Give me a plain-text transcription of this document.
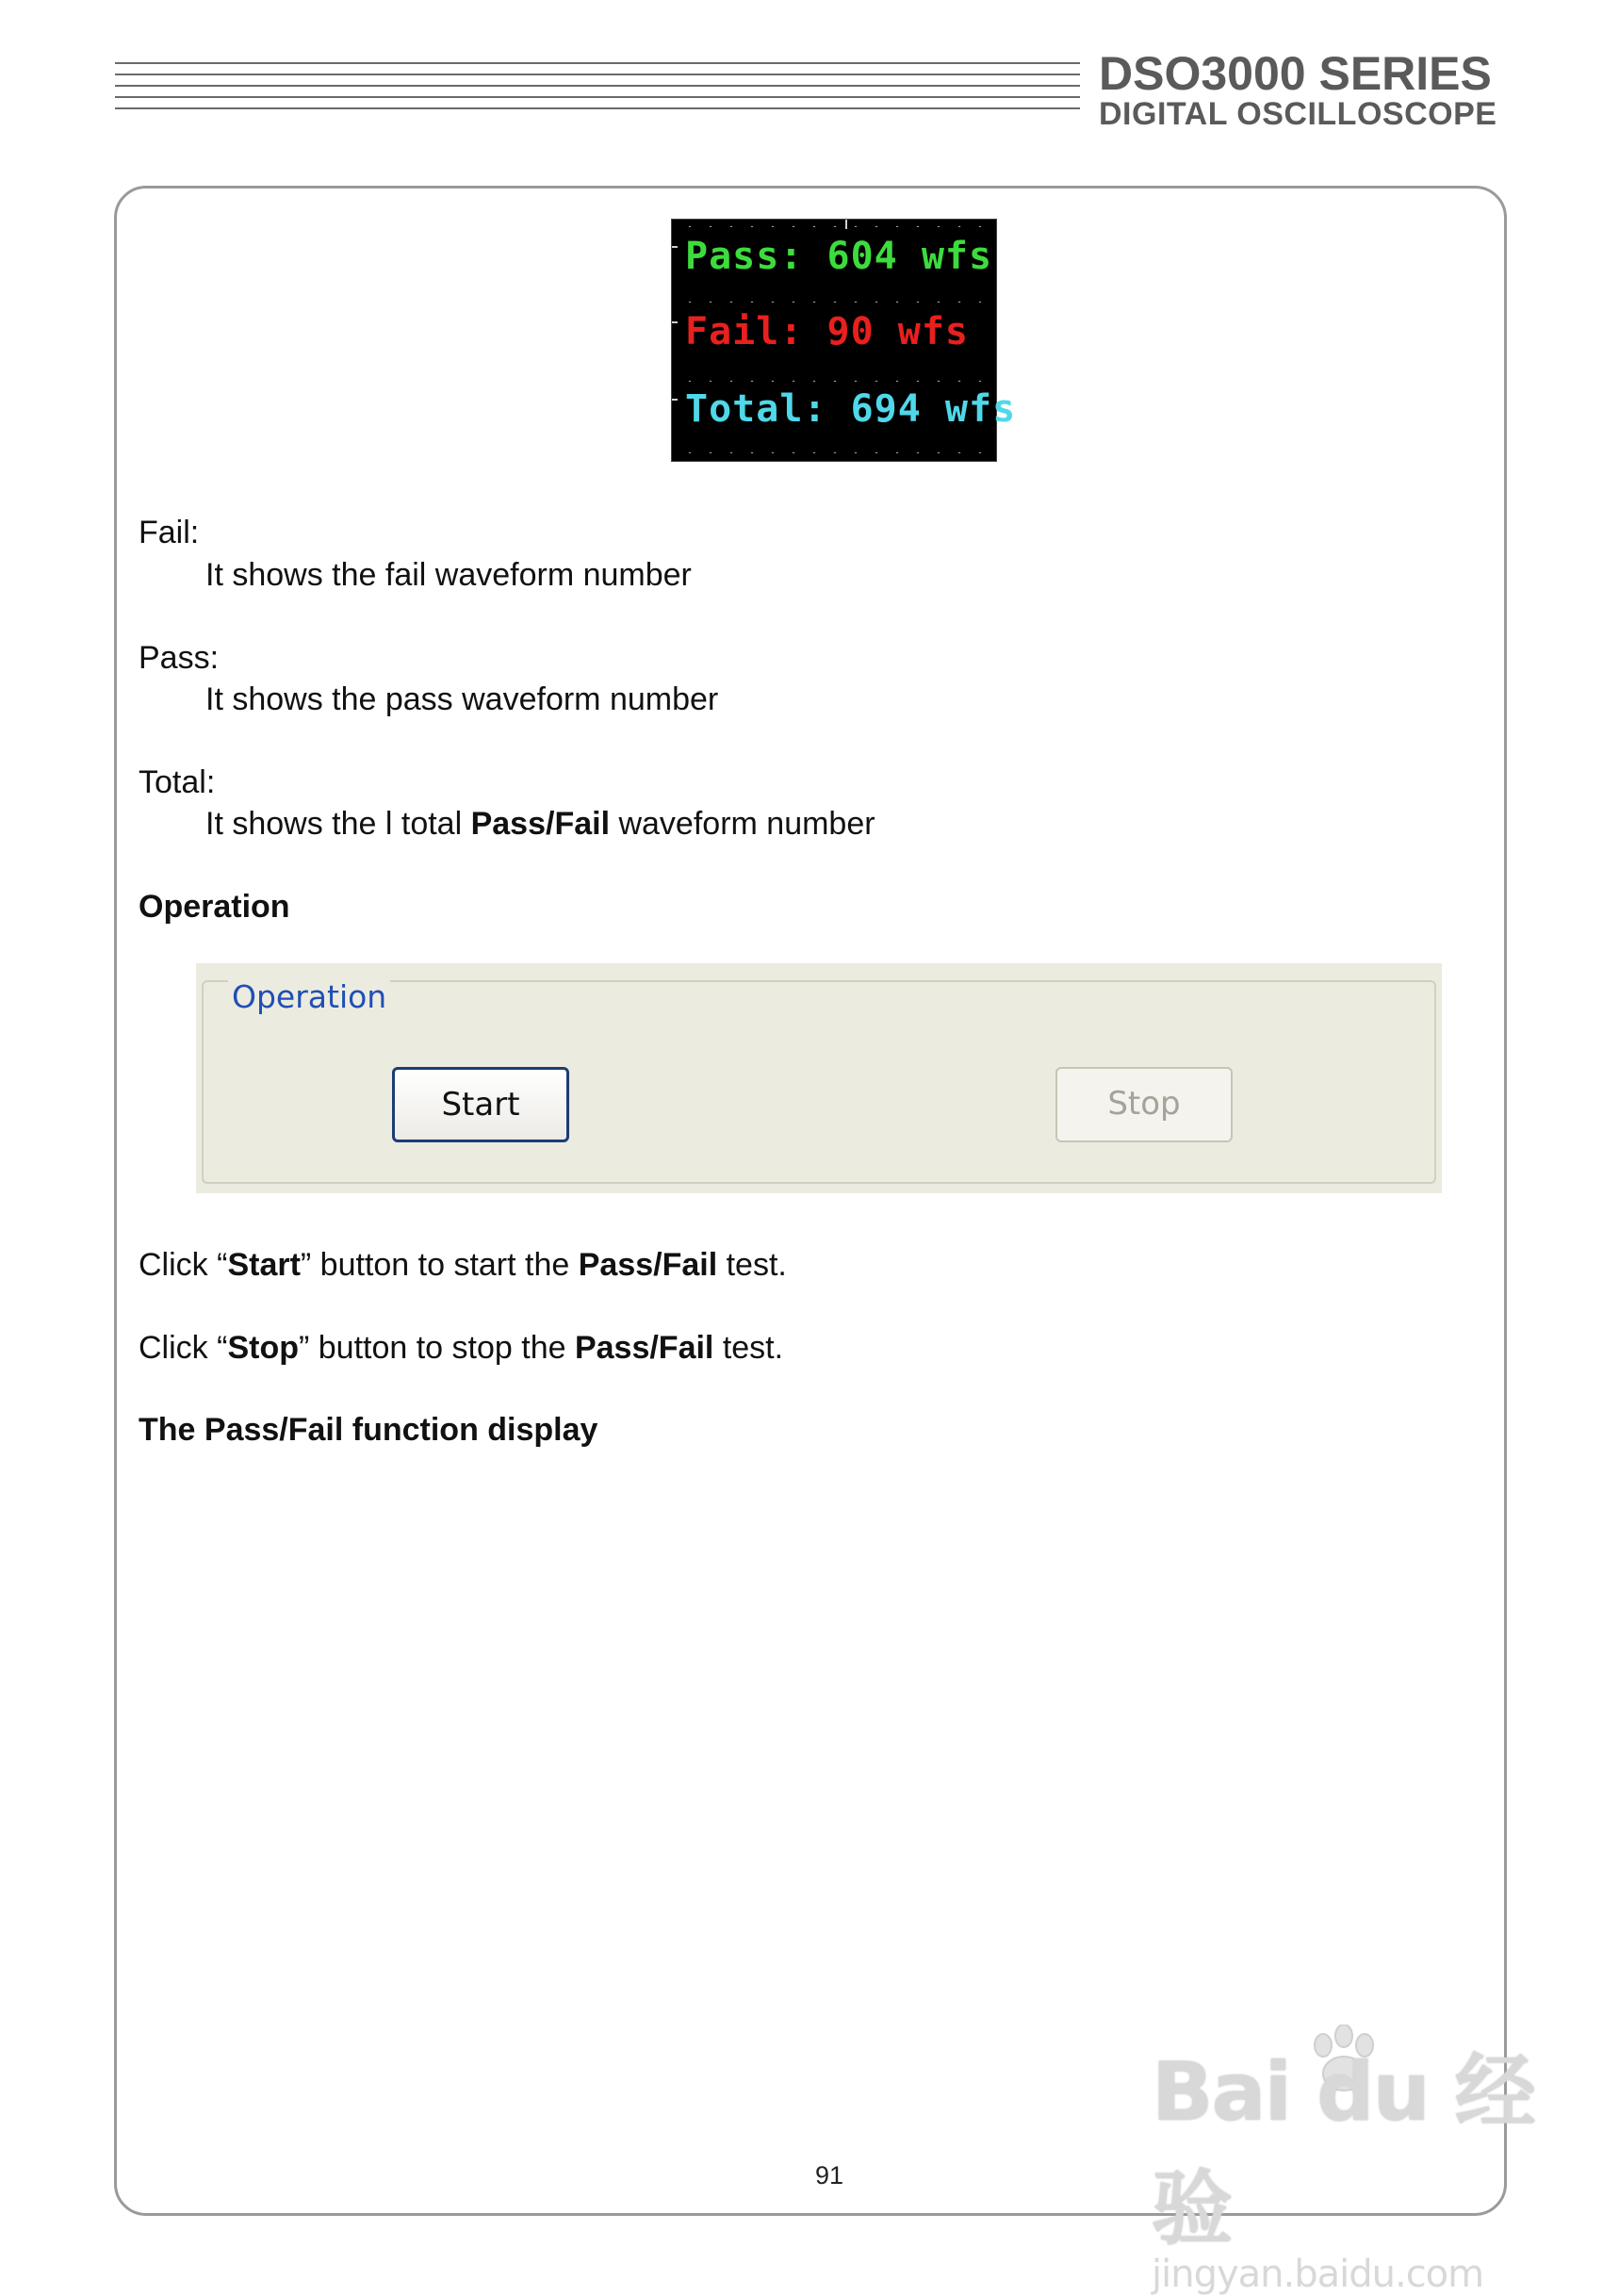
DSO3000 SERIES
DIGITAL OSCILLOSCOPE
Pass: 604 wfs
Fail: 90 wfs
Total: 694 wfs
Fail:
It shows the fail waveform number
Pass:
It shows the pass waveform number
Total:
It shows the l total Pass/Fail waveform number
Operation
Operation
Start	Stop
Click “Start” button to start the Pass/Fail test.
Click “Stop” button to stop the Pass/Fail test.
The Pass/Fail function display
91
Bai du 经验
jingyan.baidu.com
